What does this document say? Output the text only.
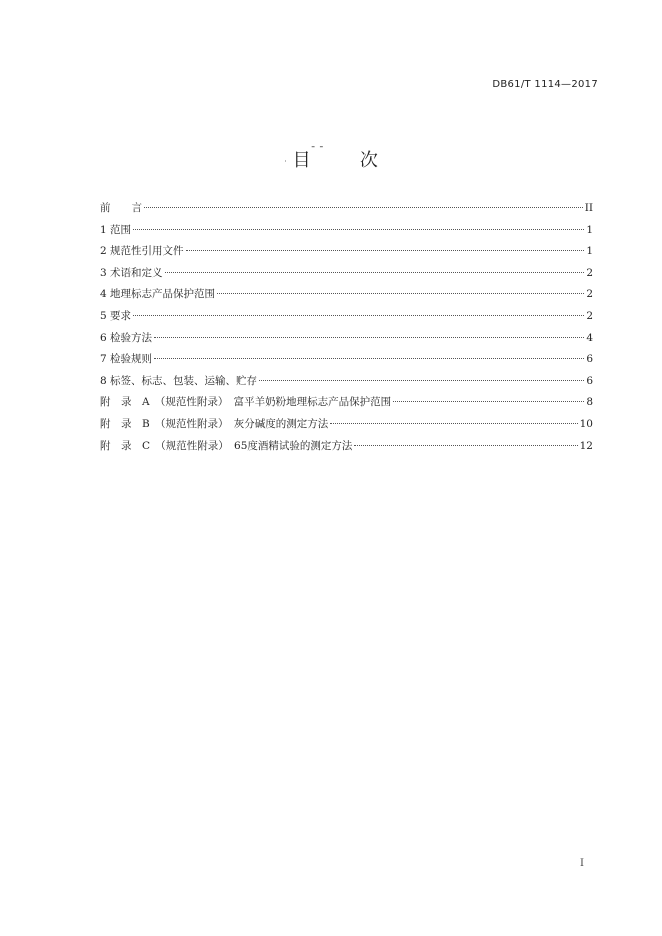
DB61/T 1114—2017
· 目¯ ¯ 次
前　　言	II
1 范围	1
2 规范性引用文件	1
3 术语和定义	2
4 地理标志产品保护范围	2
5 要求	2
6 检验方法	4
7 检验规则	6
8 标签、标志、包装、运输、贮存	6
附　录　A　（规范性附录）　富平羊奶粉地理标志产品保护范围	8
附　录　B　（规范性附录）　灰分碱度的测定方法	10
附　录　C　（规范性附录）　65度酒精试验的测定方法	12
I
